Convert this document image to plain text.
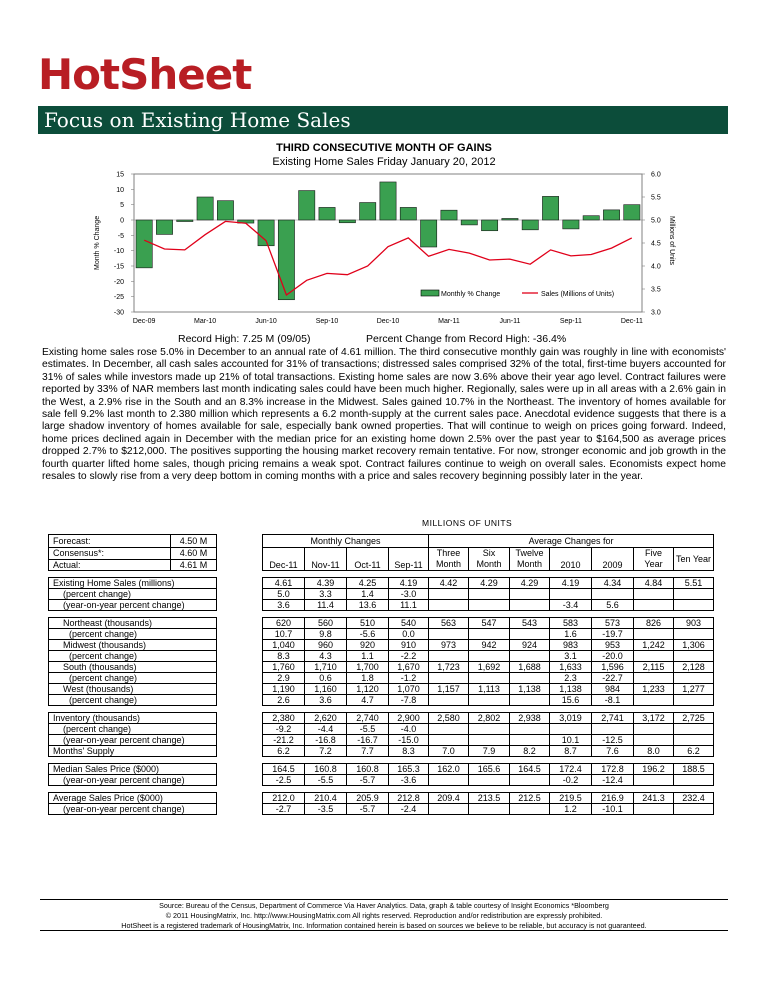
HotSheet
Focus on Existing Home Sales
THIRD CONSECUTIVE MONTH OF GAINS
Existing Home Sales Friday January 20, 2012
15
10
5
0
-5
-10
-15
-20
-25
-30
6.0
5.5
5.0
4.5
4.0
3.5
3.0
Dec-09	Mar-10	Jun-10	Sep-10	Dec-10	Mar-11	Jun-11	Sep-11	Dec-11
Month % Change	Millions of Units
Monthly % Change	Sales (Millions of Units)
Record High: 7.25 M (09/05)	Percent Change from Record High: -36.4%
Existing home sales rose 5.0% in December to an annual rate of 4.61 million. The third consecutive monthly gain was roughly in line with economists' estimates. In December, all cash sales accounted for 31% of transactions; distressed sales comprised 32% of the total, first-time buyers accounted for 31% of sales while investors made up 21% of total transactions. Existing home sales are now 3.6% above their year ago level. Contract failures were reported by 33% of NAR members last month indicating sales could have been much higher. Regionally, sales were up in all areas with a 2.6% gain in the West, a 2.9% rise in the South and an 8.3% increase in the Midwest. Sales gained 10.7% in the Northeast. The inventory of homes available for sale fell 9.2% last month to 2.380 million which represents a 6.2 month-supply at the current sales pace. Anecdotal evidence suggests that there is a large shadow inventory of homes available for sale, especially bank owned properties. That will continue to weigh on prices going forward. Indeed, home prices declined again in December with the median price for an existing home down 2.5% over the past year to $164,500 as average prices dropped 2.7% to $212,000. The positives supporting the housing market recovery remain tentative. For now, stronger economic and job growth in the fourth quarter lifted home sales, though pricing remains a weak spot. Contract failures continue to weigh on overall sales. Economists expect home resales to slowly rise from a very deep bottom in coming months with a price and sales recovery beginning possibly later in the year.
MILLIONS OF UNITS
Forecast:	4.50 M		Monthly Changes				Average Changes for						
Consensus*:	4.60 M		Dec-11	Nov-11	Oct-11	Sep-11	Three Month	Six Month	Twelve Month	2010	2009	Five Year	Ten Year
Actual:	4.61 M												

Existing Home Sales (millions)			4.61	4.39	4.25	4.19	4.42	4.29	4.29	4.19	4.34	4.84	5.51
(percent change)			5.0	3.3	1.4	-3.0							
(year-on-year percent change)			3.6	11.4	13.6	11.1				-3.4	5.6		

Northeast (thousands)			620	560	510	540	563	547	543	583	573	826	903
(percent change)			10.7	9.8	-5.6	0.0				1.6	-19.7		
Midwest (thousands)			1,040	960	920	910	973	942	924	983	953	1,242	1,306
(percent change)			8.3	4.3	1.1	-2.2				3.1	-20.0		
South (thousands)			1,760	1,710	1,700	1,670	1,723	1,692	1,688	1,633	1,596	2,115	2,128
(percent change)			2.9	0.6	1.8	-1.2				2.3	-22.7		
West (thousands)			1,190	1,160	1,120	1,070	1,157	1,113	1,138	1,138	984	1,233	1,277
(percent change)			2.6	3.6	4.7	-7.8				15.6	-8.1		

Inventory (thousands)			2,380	2,620	2,740	2,900	2,580	2,802	2,938	3,019	2,741	3,172	2,725
(percent change)			-9.2	-4.4	-5.5	-4.0							
(year-on-year percent change)			-21.2	-16.8	-16.7	-15.0				10.1	-12.5		
Months' Supply			6.2	7.2	7.7	8.3	7.0	7.9	8.2	8.7	7.6	8.0	6.2

Median Sales Price ($000)			164.5	160.8	160.8	165.3	162.0	165.6	164.5	172.4	172.8	196.2	188.5
(year-on-year percent change)			-2.5	-5.5	-5.7	-3.6				-0.2	-12.4		

Average Sales Price ($000)			212.0	210.4	205.9	212.8	209.4	213.5	212.5	219.5	216.9	241.3	232.4
(year-on-year percent change)			-2.7	-3.5	-5.7	-2.4				1.2	-10.1		
Source: Bureau of the Census, Department of Commerce Via Haver Analytics. Data, graph & table courtesy of Insight Economics *Bloomberg
© 2011 HousingMatrix, Inc. http://www.HousingMatrix.com All rights reserved. Reproduction and/or redistribution are expressly prohibited.
HotSheet is a registered trademark of HousingMatrix, Inc. Information contained herein is based on sources we believe to be reliable, but accuracy is not guaranteed.
